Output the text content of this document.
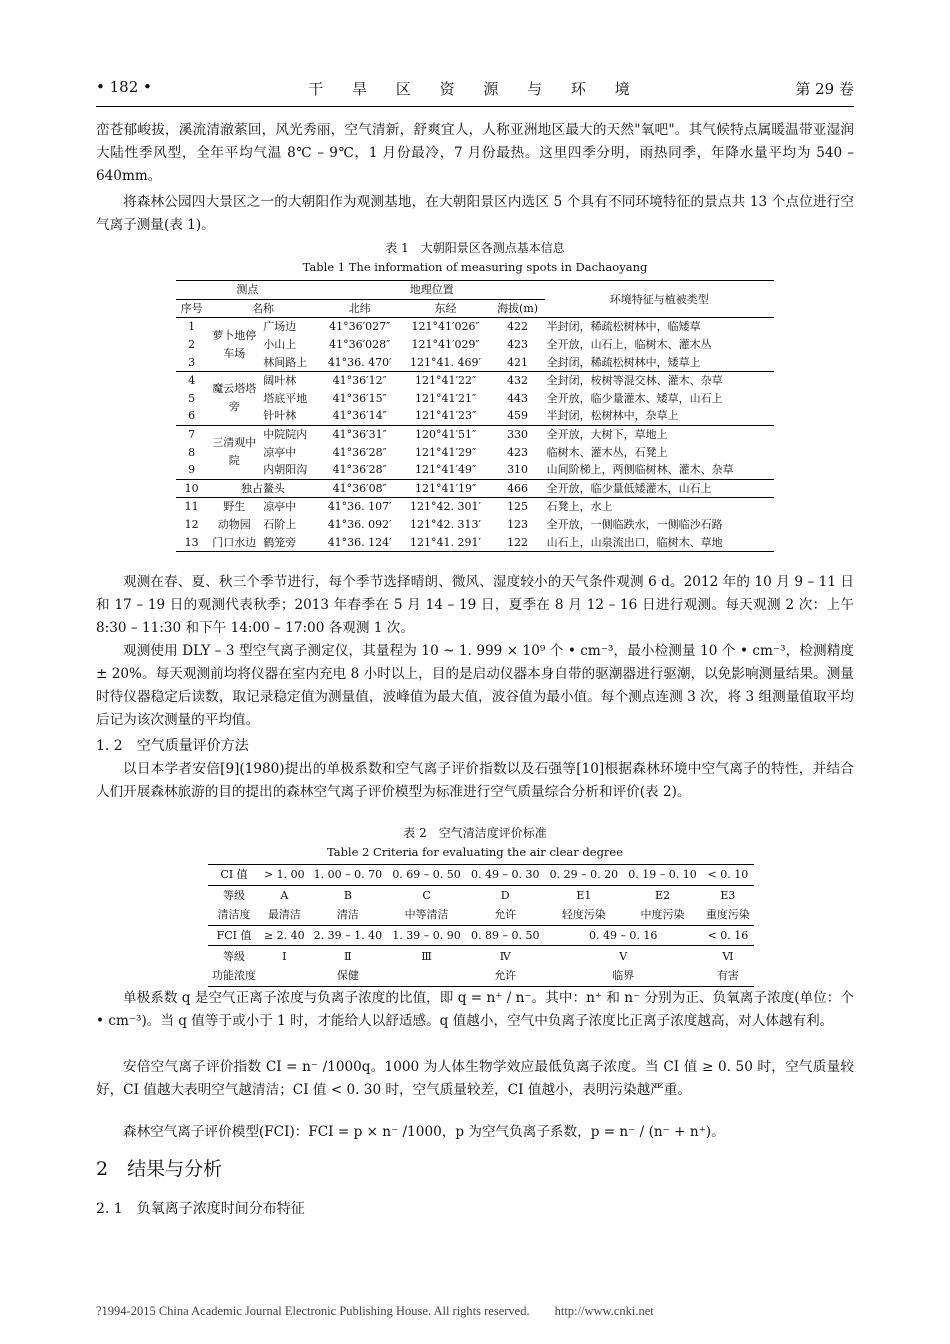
• 182 •	干 旱 区 资 源 与 环 境	第 29 卷

峦苍郁峻拔，溪流清澈萦回，风光秀丽，空气清新，舒爽宜人，人称亚洲地区最大的天然"氧吧"。其气候特点属暖温带亚湿润大陆性季风型，全年平均气温 8℃ – 9℃，1 月份最冷，7 月份最热。这里四季分明，雨热同季，年降水量平均为 540 – 640mm。

将森林公园四大景区之一的大朝阳作为观测基地，在大朝阳景区内选区 5 个具有不同环境特征的景点共 13 个点位进行空气离子测量(表 1)。

表 1　大朝阳景区各测点基本信息
Table 1 The information of measuring spots in Dachaoyang
测点			地理位置			环境特征与植被类型
序号	名称		北纬	东经	海拔(m)	
1	萝卜地停车场	广场边	41°36′027″	121°41′026″	422	半封闭，稀疏松树林中，临矮草
2		小山上	41°36′028″	121°41′029″	423	全开放，山石上，临树木、灌木丛
3		林间路上	41°36. 470′	121°41. 469′	421	全封闭，稀疏松树林中，矮草上
4	魔云塔塔旁	阔叶林	41°36′12″	121°41′22″	432	全封闭，桉树等混交林、灌木、杂草
5		塔底平地	41°36′15″	121°41′21″	443	全开放，临少量灌木、矮草，山石上
6		针叶林	41°36′14″	121°41′23″	459	半封闭，松树林中，杂草上
7	三清观中院	中院院内	41°36′31″	120°41′51″	330	全开放，大树下，草地上
8		凉亭中	41°36′28″	121°41′29″	423	临树木、灌木丛，石凳上
9		内朝阳沟	41°36′28″	121°41′49″	310	山间阶梯上，两侧临树林、灌木、杂草
10	独占鳌头		41°36′08″	121°41′19″	466	全开放，临少量低矮灌木，山石上
11	野生	凉亭中	41°36. 107′	121°42. 301′	125	石凳上，水上
12	动物园	石阶上	41°36. 092′	121°42. 313′	123	全开放，一侧临跌水，一侧临沙石路
13	门口水边	鹤笼旁	41°36. 124′	121°41. 291′	122	山石上，山泉流出口，临树木、草地

观测在春、夏、秋三个季节进行，每个季节选择晴朗、微风、湿度较小的天气条件观测 6 d。2012 年的 10 月 9 – 11 日和 17 – 19 日的观测代表秋季；2013 年春季在 5 月 14 – 19 日，夏季在 8 月 12 – 16 日进行观测。每天观测 2 次：上午 8:30 – 11:30 和下午 14:00 – 17:00 各观测 1 次。

观测使用 DLY – 3 型空气离子测定仪，其量程为 10 ~ 1. 999 × 10⁹ 个 • cm⁻³，最小检测量 10 个 • cm⁻³，检测精度 ± 20%。每天观测前均将仪器在室内充电 8 小时以上，目的是启动仪器本身自带的驱潮器进行驱潮，以免影响测量结果。测量时待仪器稳定后读数，取记录稳定值为测量值，波峰值为最大值，波谷值为最小值。每个测点连测 3 次，将 3 组测量值取平均后记为该次测量的平均值。

1. 2　空气质量评价方法

以日本学者安倍[9](1980)提出的单极系数和空气离子评价指数以及石强等[10]根据森林环境中空气离子的特性，并结合人们开展森林旅游的目的提出的森林空气离子评价模型为标准进行空气质量综合分析和评价(表 2)。

表 2　空气清洁度评价标准
Table 2 Criteria for evaluating the air clear degree
CI 值	> 1. 00	1. 00 – 0. 70	0. 69 – 0. 50	0. 49 – 0. 30	0. 29 – 0. 20	0. 19 – 0. 10	< 0. 10
等级	A	B	C	D	E1	E2	E3
清洁度	最清洁	清洁	中等清洁	允许	轻度污染	中度污染	重度污染
FCI 值	≥ 2. 40	2. 39 – 1. 40	1. 39 – 0. 90	0. 89 – 0. 50	0. 49 – 0. 16		< 0. 16
等级	Ⅰ	Ⅱ	Ⅲ	Ⅳ	Ⅴ		Ⅵ
功能浓度		保健		允许	临界		有害

单极系数 q 是空气正离子浓度与负离子浓度的比值，即 q = n⁺ / n⁻。其中：n⁺ 和 n⁻ 分别为正、负氧离子浓度(单位：个 • cm⁻³)。当 q 值等于或小于 1 时，才能给人以舒适感。q 值越小，空气中负离子浓度比正离子浓度越高，对人体越有利。

安倍空气离子评价指数 CI = n⁻ /1000q。1000 为人体生物学效应最低负离子浓度。当 CI 值 ≥ 0. 50 时，空气质量较好，CI 值越大表明空气越清洁；CI 值 < 0. 30 时，空气质量较差，CI 值越小，表明污染越严重。

森林空气离子评价模型(FCI)：FCI = p × n⁻ /1000，p 为空气负离子系数，p = n⁻ / (n⁻ + n⁺)。

2　结果与分析
2. 1　负氧离子浓度时间分布特征
?1994-2015 China Academic Journal Electronic Publishing House. All rights reserved.　　http://www.cnki.net
